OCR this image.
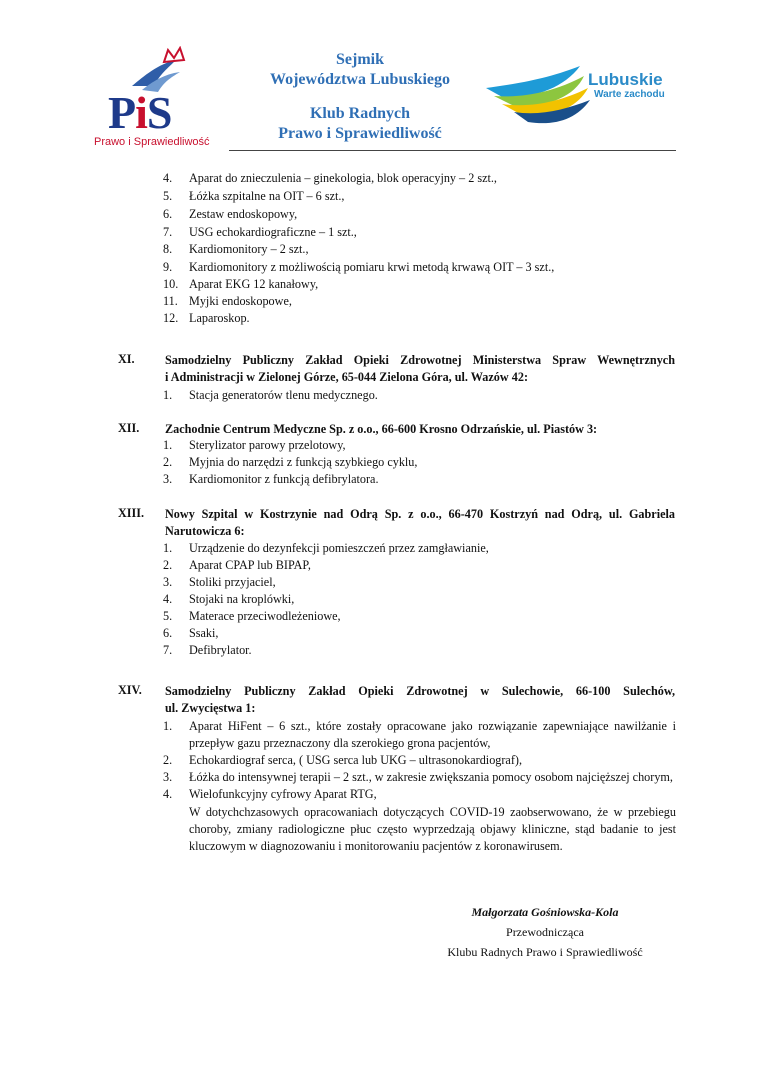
PiS
Prawo i Sprawiedliwość
Sejmik
Województwa Lubuskiego
Klub Radnych
Prawo i Sprawiedliwość
Lubuskie
Warte zachodu
4. Aparat do znieczulenia – ginekologia, blok operacyjny – 2 szt.,
5. Łóżka szpitalne na OIT – 6 szt.,
6. Zestaw endoskopowy,
7. USG echokardiograficzne – 1 szt.,
8. Kardiomonitory – 2 szt.,
9. Kardiomonitory z możliwością pomiaru krwi metodą krwawą OIT – 3 szt.,
10. Aparat EKG 12 kanałowy,
11. Myjki endoskopowe,
12. Laparoskop.
XI. Samodzielny Publiczny Zakład Opieki Zdrowotnej Ministerstwa Spraw Wewnętrznych
i Administracji w Zielonej Górze, 65-044 Zielona Góra, ul. Wazów 42:
1. Stacja generatorów tlenu medycznego.
XII. Zachodnie Centrum Medyczne Sp. z o.o., 66-600 Krosno Odrzańskie, ul. Piastów 3:
1. Sterylizator parowy przelotowy,
2. Myjnia do narzędzi z funkcją szybkiego cyklu,
3. Kardiomonitor z funkcją defibrylatora.
XIII. Nowy Szpital w Kostrzynie nad Odrą Sp. z o.o., 66-470 Kostrzyń nad Odrą, ul. Gabriela
Narutowicza 6:
1. Urządzenie do dezynfekcji pomieszczeń przez zamgławianie,
2. Aparat CPAP lub BIPAP,
3. Stoliki przyjaciel,
4. Stojaki na kroplówki,
5. Materace przeciwodleżeniowe,
6. Ssaki,
7. Defibrylator.
XIV. Samodzielny Publiczny Zakład Opieki Zdrowotnej w Sulechowie, 66-100 Sulechów,
ul. Zwycięstwa 1:
1. Aparat HiFent – 6 szt., które zostały opracowane jako rozwiązanie zapewniające nawilżanie i przepływ gazu przeznaczony dla szerokiego grona pacjentów,
2. Echokardiograf serca, ( USG serca lub UKG – ultrasonokardiograf),
3. Łóżka do intensywnej terapii – 2 szt., w zakresie zwiększania pomocy osobom najcięższej chorym,
4. Wielofunkcyjny cyfrowy Aparat RTG,
W dotychchzasowych opracowaniach dotyczących COVID-19 zaobserwowano, że w przebiegu choroby, zmiany radiologiczne płuc często wyprzedzają objawy kliniczne, stąd badanie to jest kluczowym w diagnozowaniu i monitorowaniu pacjentów z koronawirusem.
Małgorzata Gośniowska-Kola
Przewodnicząca
Klubu Radnych Prawo i Sprawiedliwość
